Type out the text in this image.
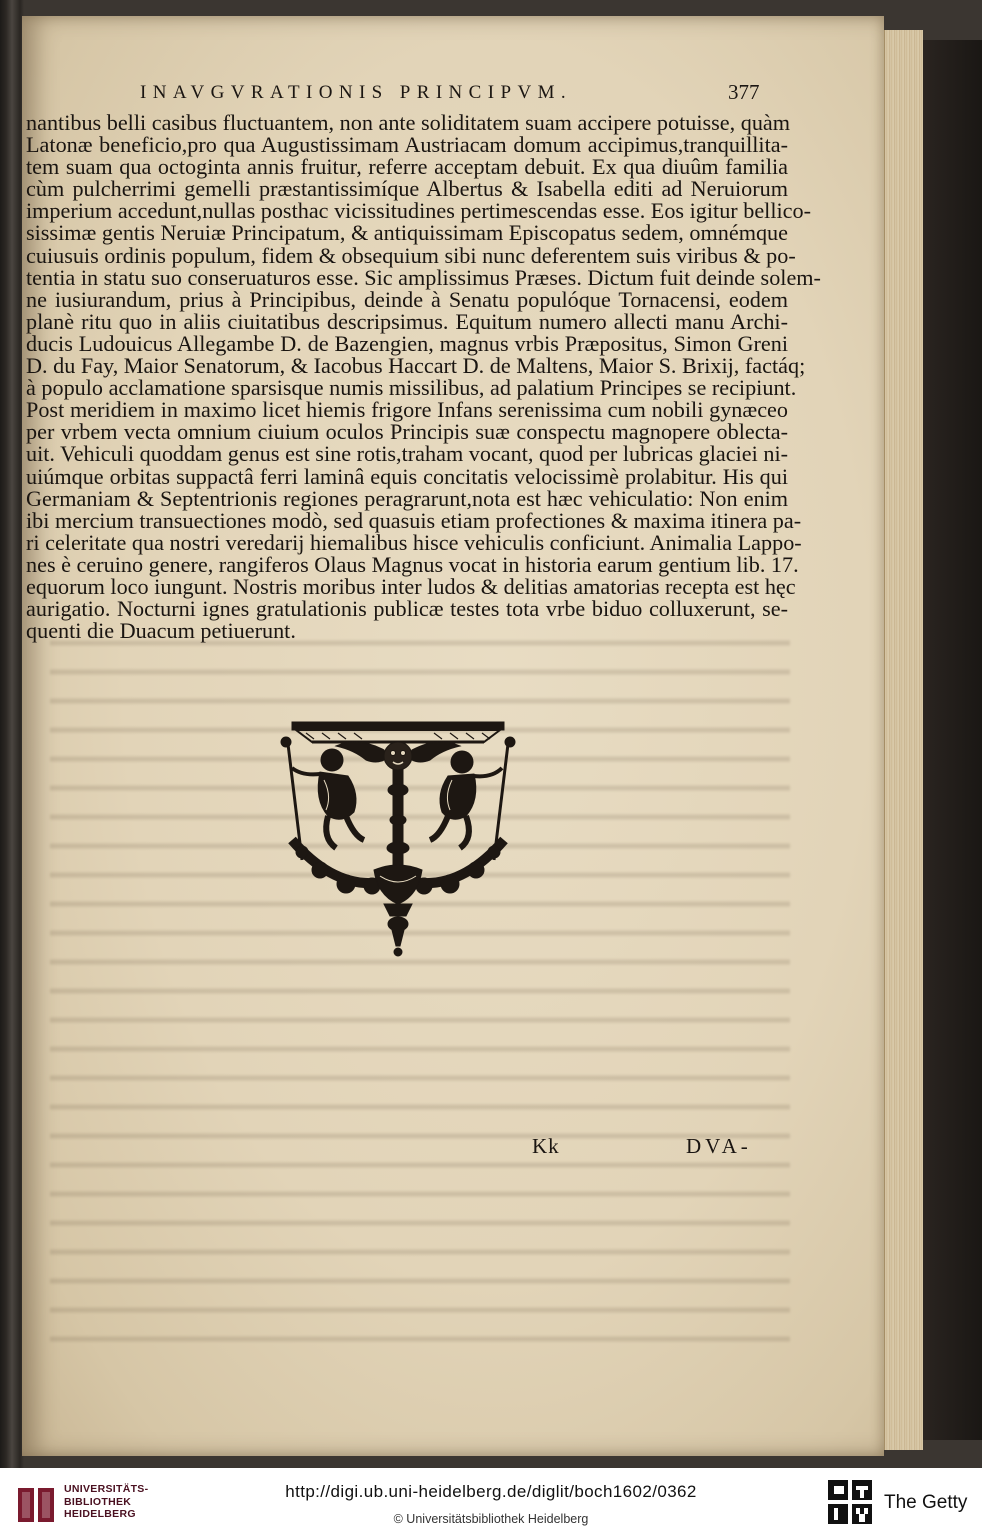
INAVGVRATIONIS PRINCIPVM.	377
nantibus belli casibus fluctuantem, non ante soliditatem suam accipere potuisse, quàm
Latonæ beneficio,pro qua Augustissimam Austriacam domum accipimus,tranquillita-
tem suam qua octoginta annis fruitur, referre acceptam debuit. Ex qua diuûm familia
cùm pulcherrimi gemelli præstantissimíque Albertus & Isabella editi ad Neruiorum
imperium accedunt,nullas posthac vicissitudines pertimescendas esse. Eos igitur bellico-
sissimæ gentis Neruiæ Principatum, & antiquissimam Episcopatus sedem, omnémque
cuiusuis ordinis populum, fidem & obsequium sibi nunc deferentem suis viribus & po-
tentia in statu suo conseruaturos esse. Sic amplissimus Præses. Dictum fuit deinde solem-
ne iusiurandum, prius à Principibus, deinde à Senatu populóque Tornacensi, eodem
planè ritu quo in aliis ciuitatibus descripsimus. Equitum numero allecti manu Archi-
ducis Ludouicus Allegambe D. de Bazengien, magnus vrbis Præpositus, Simon Greni
D. du Fay, Maior Senatorum, & Iacobus Haccart D. de Maltens, Maior S. Brixij, factáq;
à populo acclamatione sparsisque numis missilibus, ad palatium Principes se recipiunt.
Post meridiem in maximo licet hiemis frigore Infans serenissima cum nobili gynæceo
per vrbem vecta omnium ciuium oculos Principis suæ conspectu magnopere oblecta-
uit. Vehiculi quoddam genus est sine rotis,traham vocant, quod per lubricas glaciei ni-
uiúmque orbitas suppactâ ferri laminâ equis concitatis velocissimè prolabitur. His qui
Germaniam & Septentrionis regiones peragrarunt,nota est hæc vehiculatio: Non enim
ibi mercium transuectiones modò, sed quasuis etiam profectiones & maxima itinera pa-
ri celeritate qua nostri veredarij hiemalibus hisce vehiculis conficiunt. Animalia Lappo-
nes è ceruino genere, rangiferos Olaus Magnus vocat in historia earum gentium lib. 17.
equorum loco iungunt. Nostris moribus inter ludos & delitias amatorias recepta est hęc
aurigatio. Nocturni ignes gratulationis publicæ testes tota vrbe biduo colluxerunt, se-
quenti die Duacum petiuerunt.
Kk	DVA-
UNIVERSITÄTS-
BIBLIOTHEK
HEIDELBERG
http://digi.ub.uni-heidelberg.de/diglit/boch1602/0362
© Universitätsbibliothek Heidelberg
The Getty
